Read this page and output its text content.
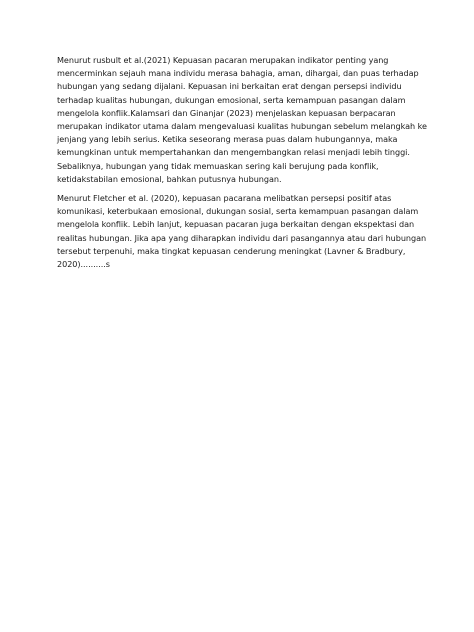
Menurut rusbult et al.(2021) Kepuasan pacaran merupakan indikator penting yang
mencerminkan sejauh mana individu merasa bahagia, aman, dihargai, dan puas terhadap
hubungan yang sedang dijalani. Kepuasan ini berkaitan erat dengan persepsi individu
terhadap kualitas hubungan, dukungan emosional, serta kemampuan pasangan dalam
mengelola konflik.Kalamsari dan Ginanjar (2023) menjelaskan kepuasan berpacaran
merupakan indikator utama dalam mengevaluasi kualitas hubungan sebelum melangkah ke
jenjang yang lebih serius. Ketika seseorang merasa puas dalam hubungannya, maka
kemungkinan untuk mempertahankan dan mengembangkan relasi menjadi lebih tinggi.
Sebaliknya, hubungan yang tidak memuaskan sering kali berujung pada konflik,
ketidakstabilan emosional, bahkan putusnya hubungan.

Menurut Fletcher et al. (2020), kepuasan pacarana melibatkan persepsi positif atas
komunikasi, keterbukaan emosional, dukungan sosial, serta kemampuan pasangan dalam
mengelola konflik. Lebih lanjut, kepuasan pacaran juga berkaitan dengan ekspektasi dan
realitas hubungan. Jika apa yang diharapkan individu dari pasangannya atau dari hubungan
tersebut terpenuhi, maka tingkat kepuasan cenderung meningkat (Lavner & Bradbury,
2020)..........s
